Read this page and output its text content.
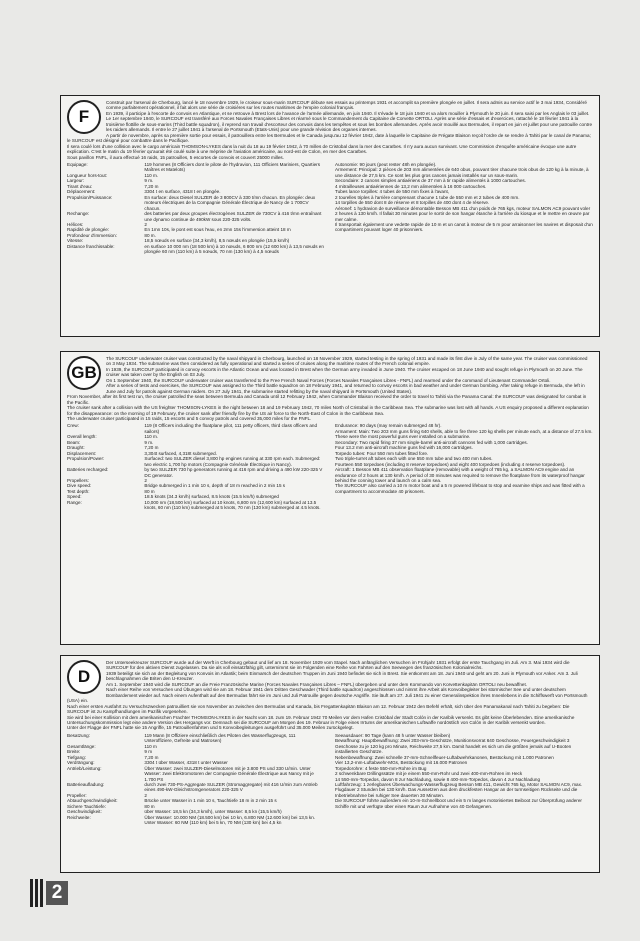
F

Construit par l'arsenal de Cherbourg, lancé le 18 novembre 1929, le croiseur sous-marin SURCOUF débute ses essais au printemps 1931 et accomplit sa première plongée en juillet. Il sera admis au service actif le 3 mai 1934, Considéré comme parfaitement opérationnel, il fait alors une série de croisières sur les routes maritimes de l'empire colonial français.

En 1939, il participe à l'escorte de convois en Atlantique, et se retrouve à Brest lors de l'avance de l'armée allemande, en juin 1940. Il s'évade le 18 juin 1940 et va alors mouiller à Plymouth le 20 juin. Il sera saisi par les Anglais le 03 juillet.

Le 1er septembre 1940, le SURCOUF est transféré aux Forces Navales Françaises Libres et réarmé sous le Commandement du Capitaine de Corvette ORTOLI. Après une série d'essais et d'exercices, rattaché le 18 février 1941 à la troisième flottille de sous-marins (Third battle squadron), il reprend son travail d'escorteur des convois dans les tempêtes et sous les bombes allemandes. Après avoir mouillé aux Bermudes, il repart en juin et juillet pour une patrouille contre les raiders allemands. Il entre le 27 juillet 1941 à l'arsenal de Portsmouth (Etats-Unis) pour une grande révision des organes internes.

A partir de novembre, après sa première sortie pour essais, il patrouillera entre les Bermudes et le Canada jusqu'au 12 février 1942, date à laquelle le Capitaine de Frégate Blaison reçoit l'ordre de se rendre à Tahiti par le canal de Panama; le SURCOUF est désigné pour combattre dans le Pacifique.

Il sera coulé lors d'une collision avec le cargo américain THOMSON-LYKES dans la nuit du 18 au 19 février 1942, à 70 milles de Cristobal dans la mer des Caraïbes. Il n'y aura aucun survivant. Une Commission d'enquête américaine évoque une autre explication. C'est le matin du 19 février qu'aurait été coulé suite à une méprise de l'aviation américaine, au nord-est de Colon, en mer des Caraïbes.

Sous pavillon FNFL, il aura effectué 16 raids, 15 patrouilles, 5 escortes de convois et couvert 25000 milles.

Equipage:	119 hommes (8 Officiers dont le pilote de l'hydravion, 111 Officiers Mariniers, Quartiers Maîtres et Matelots)
Longueur hors-tout:	110 m.
Largeur:	9 m.
Tirant d'eau:	7,20 m
Déplacement:	3304 t en surface, 4318 t en plongée.
Propulsion/Puissance:	En surface: deux Diesel SULZER de 3 800CV à 330 t/mn chacun. En plongée: deux moteurs électriques de la Compagnie Générale Électrique de Nancy de 1 700CV chacun.
Rechange:	des batteries par deux groupes électrogènes SULZER de 730CV à 416 t/mn entraînant une dynamo continue de 490kW sous 220-325 volts.
Hélices:	2
Rapidité de plongée:	En 1mn 10s, le pont est sous l'eau, en 2mn 15s l'immersion atteint 18 m
Profondeur d'immersion:	80 m.
Vitesse:	18,5 nœuds en surface (34,3 km/h), 8,5 nœuds en plongée (15,5 km/h)
Distance franchissable:	en surface 10 000 nm (18 500 km) à 10 nœuds, 6 800 nm (12 600 km) à 13,5 nœuds en plongée 60 nm (110 km) à 5 nœuds, 70 nm (130 km) à 4,5 nœuds

Autonomie: 90 jours (peut rester 48h en plongée).

Armement: Principal: 2 pièces de 203 mm alimentées de 640 obus, pouvant tirer chacune trois obus de 120 kg à la minute, à une distance de 27,5 km. Ce sont les plus gros canons jamais installés sur un sous-marin.

Secondaire: 2 canons simples antiaériens de 37 mm à tir rapide alimentés à 1000 cartouches.

4 mitrailleuses antiaériennes de 13,2 mm alimentées à 16 000 cartouches.

Tubes lance torpilles: 4 tubes de 550 mm fixes à l'avant,

2 tourelles triples à l'arrière comprenant chacune 1 tube de 550 mm et 2 tubes de 400 mm.

14 torpilles de 550 dont 8 de réserve et 8 torpilles de 400 dont 4 de réserve.

Aéronef: 1 hydravion de surveillance démontable Besson MB 411 d'un poids de 765 kgs, moteur SALMON AC9 pouvant voler 2 heures à 130 km/h. Il fallait 30 minutes pour le sortir de son hangar étanche à l'arrière du kiosque et le mettre en œuvre par mer calme.

Il transportait également une vedette rapide de 10 m et un canot à moteur de 5 m pour arraisonner les navires et disposait d'un compartiment pouvant loger 40 prisonniers.

GB

The SURCOUF underwater cruiser was constructed by the naval shipyard in Cherbourg, launched on 18 November 1929, started testing in the spring of 1931 and made its first dive in July of the same year. The cruiser was commissioned on 3 May 1934. The submarine was then considered as fully operational and started a series of cruises along the maritime routes of the French colonial empire.

In 1939, the SURCOUF participated in convoy escorts in the Atlantic Ocean and was located in Brest when the German army invaded in June 1940. The cruiser escaped on 18 June 1940 and sought refuge in Plymouth on 20 June. The cruiser was taken over by the English on 03 July.

On 1 September 1940, the SURCOUF underwater cruiser was transferred to the Free French Naval Forces (Forces Navales Françaises Libres - FNFL) and rearmed under the command of Lieutenant Commander Ortoli.

After a series of tests and exercises, the SURCOUF was assigned to the Third battle squadron on 18 February 1941, and returned to convoy escorts in bad weather and under German bombing. After taking refuge in Bermuda, she left in June and July for patrols against German raiders. On 27 July 1941, the submarine started refitting by the naval shipyard in Portsmouth (United States).

From November, after its first test run, the cruiser patrolled the seas between Bermuda and Canada until 12 February 1942, when Commander Blaison received the order to travel to Tahiti via the Panama Canal: the SURCOUF was designated for combat in the Pacific.

The cruiser sank after a collision with the US freighter THOMSON-LYKES in the night between 18 and 19 February 1942, 70 miles North of Cristobal in the Caribbean Sea. The submarine was lost with all hands. A US enquiry proposed a different explanation for the disappearance: on the morning of 19 February, the cruiser sank after friendly fire by the US air force to the North-East of Colon in the Caribbean Sea.

The underwater cruiser participated in 15 raids, 15 escorts and 5 convoy patrols and covered 35,000 miles for the FNFL.

Crew:	119 (8 Officers including the floatplane pilot, 111 petty officers, third class officers and sailors)
Overall length:	110 m.
Beam:	9 m.
Draught:	7,20 m
Displacement:	3,304t surfaced, 4,318t submerged.
Propulsion/Power:	Surfaced: two SULZER diesel 3,800 hp engines running at 330 rpm each. Submerged: two electric 1,700 hp motors (Compagnie Générale Électrique in Nancy).
Batteries recharged:	by two SULZER 730 hp generators running at 416 rpm and driving a 490 kW 220-325 V DC generator.
Propellers:	2
Dive speed:	Bridge submerged in 1 min 10 s, depth of 18 m reached in 2 min 15 s
Test depth:	80 m
Speed:	18.5 knots (34.3 km/h) surfaced, 8.5 knots (15.5 km/h) submerged
Range:	10,000 nm (18,500 km) surfaced at 10 knots, 6,800 nm (12,600 km) surfaced at 13.5 knots, 60 nm (110 km) submerged at 5 knots, 70 nm (130 km) submerged at 4.5 knots.

Endurance: 90 days (may remain submerged 48 hr).

Armament: Main: Two 203 mm guns firing 640 shells, able to fire three 120 kg shells per minute each, at a distance of 27.5 km. These were the most powerful guns ever installed on a submarine.

Secondary: Two rapid firing 37 mm single-barrel anti-aircraft cannons fed with 1,000 cartridges.

Four 13.2 mm anti-aircraft machine guns fed with 16,000 cartridges.

Torpedo tubes: Four 550 mm tubes fitted fore.

Two triple-turret aft tubes each with one 550 mm tube and two 400 mm tubes.

Fourteen 550 torpedoes (including 8 reserve torpedoes) and eight 400 torpedoes (including 4 reserve torpedoes).

Aircraft: 1 Besson MB 411 observation floatplane (removable) with a weight of 765 kg, a SALMON AC9 engine and an endurance of 2 hours at 130 km/h. A period of 30 minutes was required to remove the floatplane from its waterproof hangar behind the conning tower and launch on a calm sea.

The SURCOUF also carried a 10 m motor boat and a 5 m powered lifeboat to stop and examine ships and was fitted with a compartment to accommodate 40 prisoners.

D

Der Unterseekreuzer SURCOUF wurde auf der Werft in Cherbourg gebaut und lief am 18. November 1929 vom Stapel. Nach anfänglichen Versuchen im Frühjahr 1931 erfolgt der erste Tauchgang im Juli. Am 3. Mai 1934 wird die SURCOUF für den aktiven Dienst zugelassen. Da sie als voll einsatzfähig gilt, unternimmt sie im Folgenden eine Reihe von Fahrten auf den Seewegen des französischen Kolonialreichs.

1939 beteiligt sie sich an der Begleitung von Konvois im Atlantik; beim Einmarsch der deutschen Truppen im Juni 1940 befindet sie sich in Brest. Sie entkommt am 18. Juni 1940 und geht am 20. Juni in Plymouth vor Anker. Am 3. Juli beschlagnahmen die Briten den U-Kreuzer.

Am 1. September 1940 wird die SURCOUF an die Freie Französische Marine (Forces Navales Françaises Libres – FNFL) übergeben und unter dem Kommando von Korvettenkapitän ORTOLI neu bewaffnet.

Nach einer Reihe von Versuchen und Übungen wird sie am 18. Februar 1941 dem Dritten Geschwader (Third battle squadron) angeschlossen und nimmt ihre Arbeit als Konvoibegleiter bei stürmischer See und unter deutschem Bombardement wieder auf. Nach einem Aufenthalt auf den Bermudas fährt sie im Juni und Juli Patrouille gegen deutsche Angriffe. Sie läuft am 27. Juli 1941 zu einer Generalinspektion ihres Innenlebens in die Schiffswerft von Portsmouth (USA) ein.

Nach einer ersten Ausfahrt zu Versuchszwecken patrouilliert sie von November an zwischen den Bermudas und Kanada, bis Fregattenkapitän Blaison am 12. Februar 1942 den Befehl erhält, sich über den Panamakanal nach Tahiti zu begeben: Die SURCOUF ist zu Kampfhandlungen im Pazifik vorgesehen.

Sie wird bei einer Kollision mit dem amerikanischen Frachter THOMSON-LYKES in der Nacht vom 18. zum 19. Februar 1942 70 Meilen vor dem Hafen Cristóbal der Stadt Colón in der Karibik versenkt. Es gibt keine Überlebenden. Eine amerikanische Untersuchungskommission legt eine andere Version des Hergangs vor. Demnach sei die SURCOUF am Morgen des 19. Februar in Folge eines Irrtums der amerikanischen Luftwaffe nordöstlich von Colón in der Karibik versenkt worden.

Unter der Flagge der FNFL hatte sie 15 Angriffe, 15 Patrouillenfahrten und 5 Konvoibegleitungen ausgeführt und 35.000 Meilen zurückgelegt.

Besatzung:	119 Mann (8 Offiziere einschließlich des Piloten des Wasserflugzeugs, 111 Unteroffiziere, Gefreite und Matrosen)
Gesamtlänge:	110 m
Breite:	9 m
Tiefgang:	7,20 m
Verdrängung:	3304 t über Wasser, 4318 t unter Wasser
Antrieb/Leistung:	Über Wasser: zwei SULZER-Dieselmotoren mit je 3.800 PS und 330 U/min. Unter Wasser: zwei Elektromotoren der Compagnie Générale Électrique aus Nancy mit je 1.700 PS
Batterieaufladung:	durch zwei 730-PS-Aggregate SULZER (Stromaggregate) mit 416 U/min zum Antrieb eines 490-kW-Gleichstromgenerators 220-325 V
Propeller:	2
Abtauchgeschwindigkeit:	Brücke unter Wasser in 1 min 10 s, Tauchtiefe 18 m in 2 min 15 s
Sichere Tauchtiefe:	80 m
Geschwindigkeit:	über Wasser: 18,5 kn (34,3 km/h), unter Wasser: 8,5 kn (15,5 km/h)
Reichweite:	Über Wasser: 10.000 NM (18.500 km) bei 10 kn, 6.800 NM (12.600 km) bei 13,5 kn. Unter Wasser: 60 NM (110 km) bei 5 kn, 70 NM (130 km) bei 4,5 kn

Seeausdauer: 90 Tage (kann 48 h unter Wasser bleiben)

Bewaffnung: Hauptbewaffnung: Zwei 203-mm-Geschütze, Munitionsvorrat 640 Geschosse, Feuergeschwindigkeit 3 Geschosse zu je 120 kg pro Minute, Reichweite 27,5 km. Damit handelt es sich um die größten jemals auf U-Booten installierten Geschütze.

Nebenbewaffnung: Zwei schnelle 37-mm-Schnellfeuer-Luftabwehrkanonen, Bestückung mit 1.000 Patronen

Vier 13,2-mm-Luftabwehr-MGs, Bestückung mit 16.000 Patronen

Torpedorohre: 4 feste 550-mm-Rohre im Bug

2 schwenkbare Drillingssätze mit je einem 550-mm-Rohr und zwei 400-mm-Rohren im Heck

14 550-mm-Torpedos, davon 8 zur Nachladung, sowie 8 400-mm-Torpedos, davon 4 zur Nachladung

Luftfahrzeug: 1 zerlegbares Überwachungs-Wasserflugzeug Besson MB 411, Gewicht 765 kg, Motor SALMON AC9, max. Flugdauer 2 Stunden bei 130 km/h. Das Aussetzen aus dem druckfesten Hangar an der turmseitigen Rückseite und die Inbetriebnahme bei ruhiger See dauerten 30 Minuten.

Die SURCOUF führte außerdem ein 10-m-Schnellboot und ein 5 m langes motorisiertes Beiboot zur Überprüfung anderer Schiffe mit und verfügte über einen Raum zur Aufnahme von 40 Gefangenen.

2
